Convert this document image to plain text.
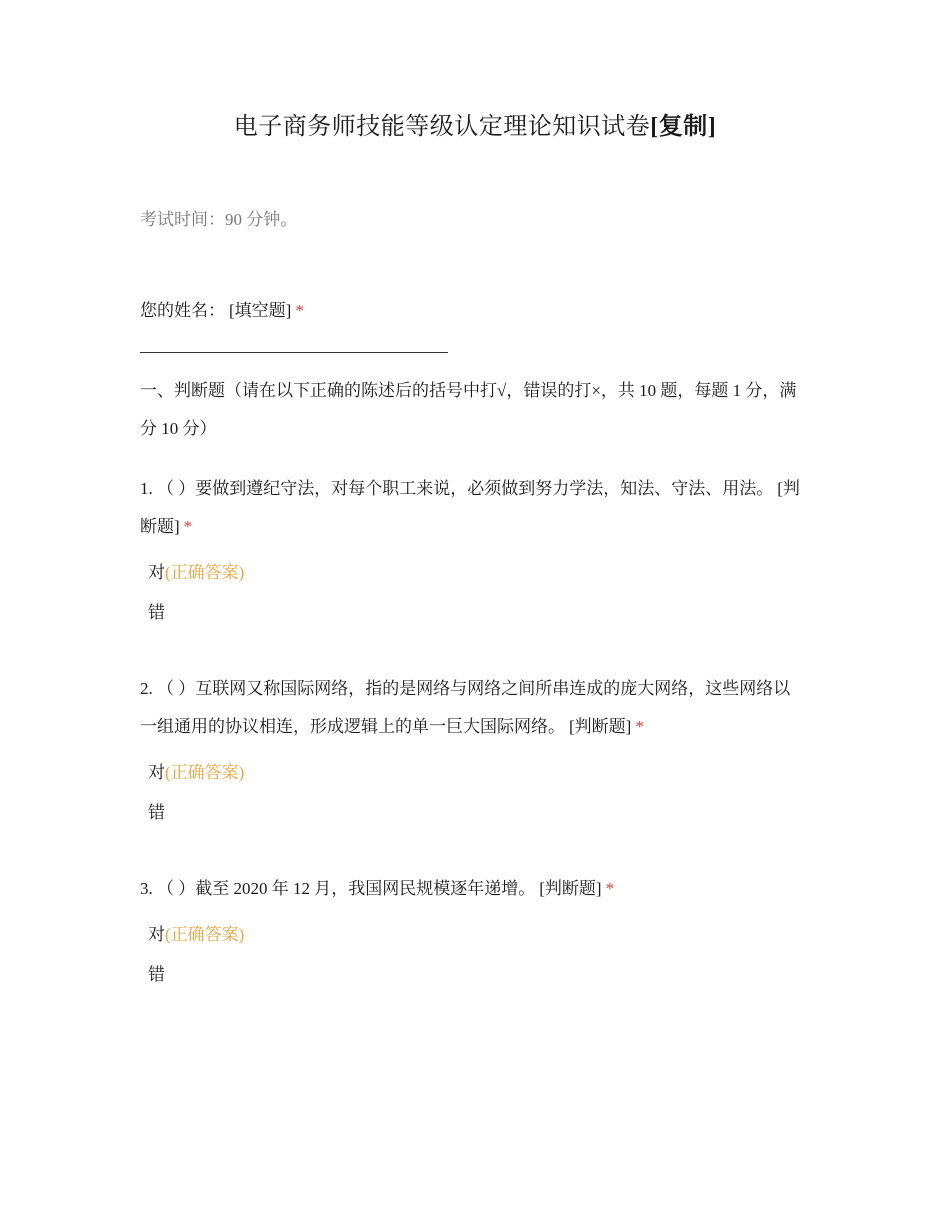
电子商务师技能等级认定理论知识试卷[复制]
考试时间：90 分钟。
您的姓名： [填空题] *
一、判断题（请在以下正确的陈述后的括号中打√，错误的打×，共 10 题，每题 1 分，满分 10 分）
1. （ ）要做到遵纪守法，对每个职工来说，必须做到努力学法，知法、守法、用法。 [判断题] *
对(正确答案)
错
2. （ ）互联网又称国际网络，指的是网络与网络之间所串连成的庞大网络，这些网络以一组通用的协议相连，形成逻辑上的单一巨大国际网络。 [判断题] *
对(正确答案)
错
3. （ ）截至 2020 年 12 月，我国网民规模逐年递增。 [判断题] *
对(正确答案)
错
